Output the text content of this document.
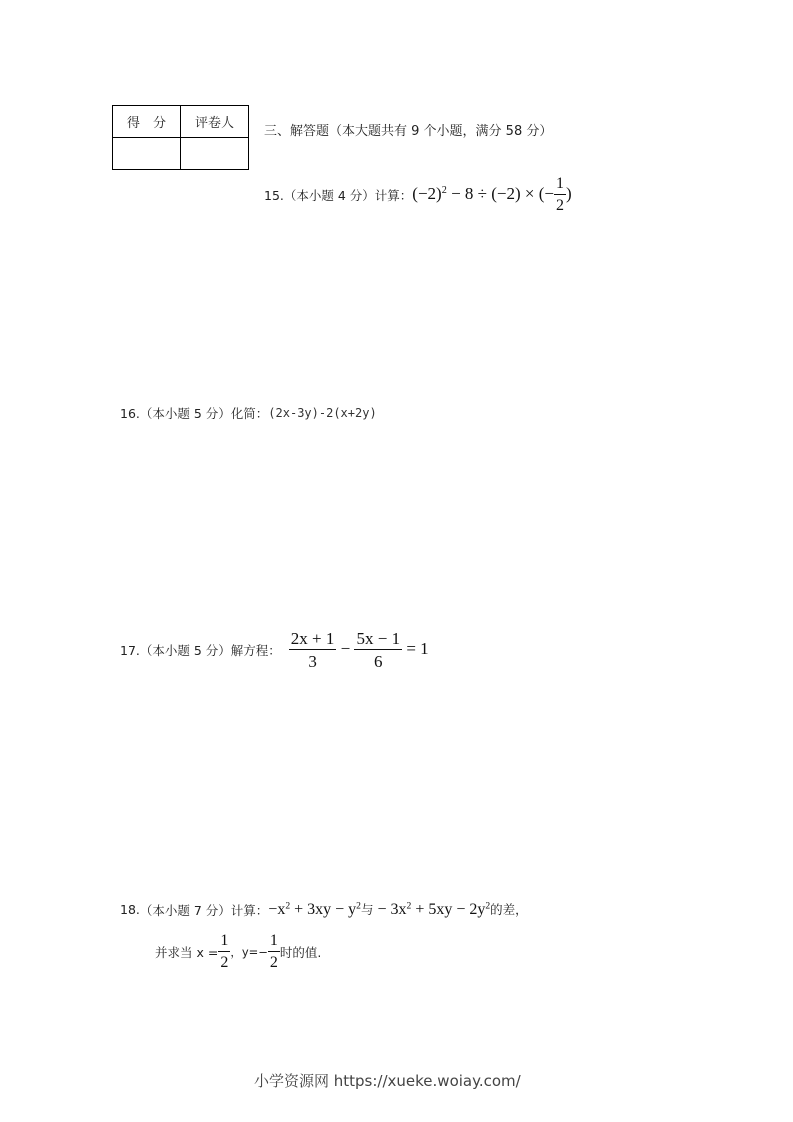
得　分	评卷人

三、解答题（本大题共有 9 个小题，满分 58 分）
15. （本小题 4 分）计算： $(-2)^2 - 8 \div (-2)$ × (− $\frac{1}{2}$ )
16. （本小题 5 分）化简： (2x-3y)-2(x+2y)
17. （本小题 5 分）解方程： $\frac{2x + 1}{3} - \frac{5x - 1}{6} = 1$
18. （本小题 7 分）计算： $-x^2 + 3xy - y^2$与 − $3x^2 + 5xy - 2y^2$的差，
并求当 $x = \frac{1}{2}$ ，$y=- \frac{1}{2}$ 时的值.
小学资源网 https://xueke.woiay.com/
